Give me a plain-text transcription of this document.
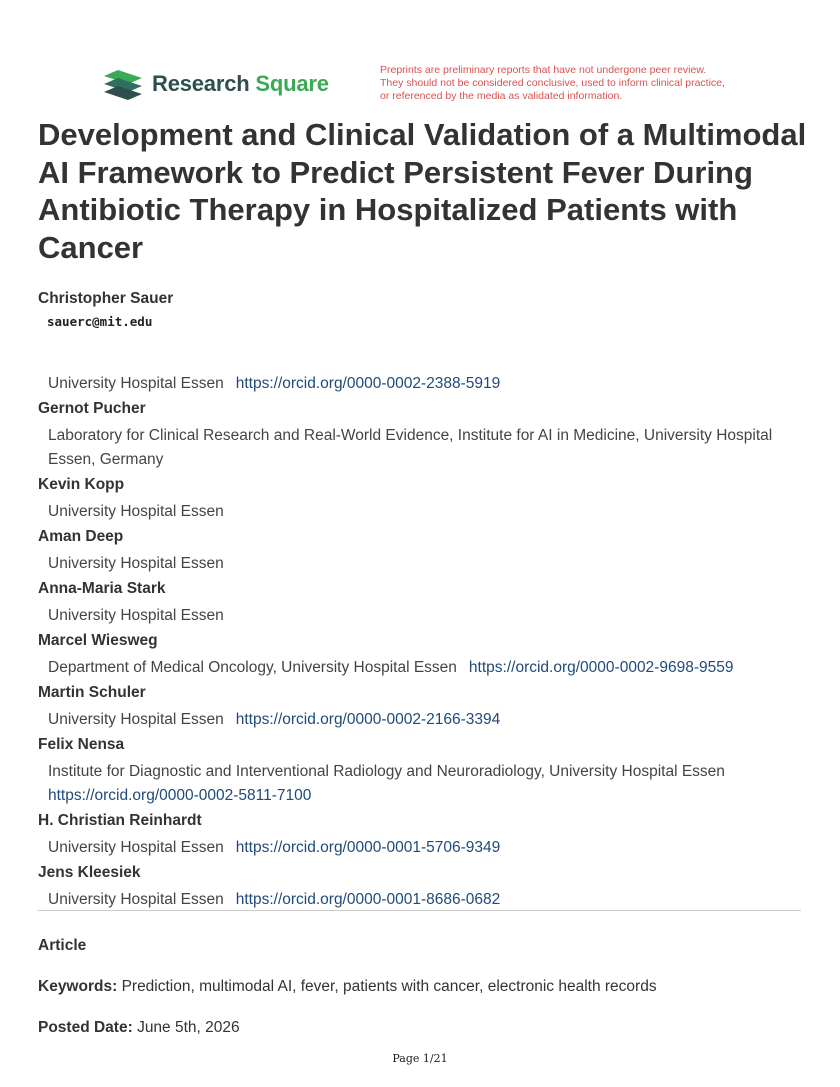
Research Square
Preprints are preliminary reports that have not undergone peer review.
They should not be considered conclusive, used to inform clinical practice,
or referenced by the media as validated information.
Development and Clinical Validation of a Multimodal AI Framework to Predict Persistent Fever During Antibiotic Therapy in Hospitalized Patients with Cancer
Christopher Sauer
sauerc@mit.edu
University Hospital Essen https://orcid.org/0000-0002-2388-5919
Gernot Pucher
Laboratory for Clinical Research and Real-World Evidence, Institute for AI in Medicine, University Hospital Essen, Germany
Kevin Kopp
University Hospital Essen
Aman Deep
University Hospital Essen
Anna-Maria Stark
University Hospital Essen
Marcel Wiesweg
Department of Medical Oncology, University Hospital Essen https://orcid.org/0000-0002-9698-9559
Martin Schuler
University Hospital Essen https://orcid.org/0000-0002-2166-3394
Felix Nensa
Institute for Diagnostic and Interventional Radiology and Neuroradiology, University Hospital Essen
https://orcid.org/0000-0002-5811-7100
H. Christian Reinhardt
University Hospital Essen https://orcid.org/0000-0001-5706-9349
Jens Kleesiek
University Hospital Essen https://orcid.org/0000-0001-8686-0682
Article
Keywords: Prediction, multimodal AI, fever, patients with cancer, electronic health records
Posted Date: June 5th, 2026
Page 1/21
